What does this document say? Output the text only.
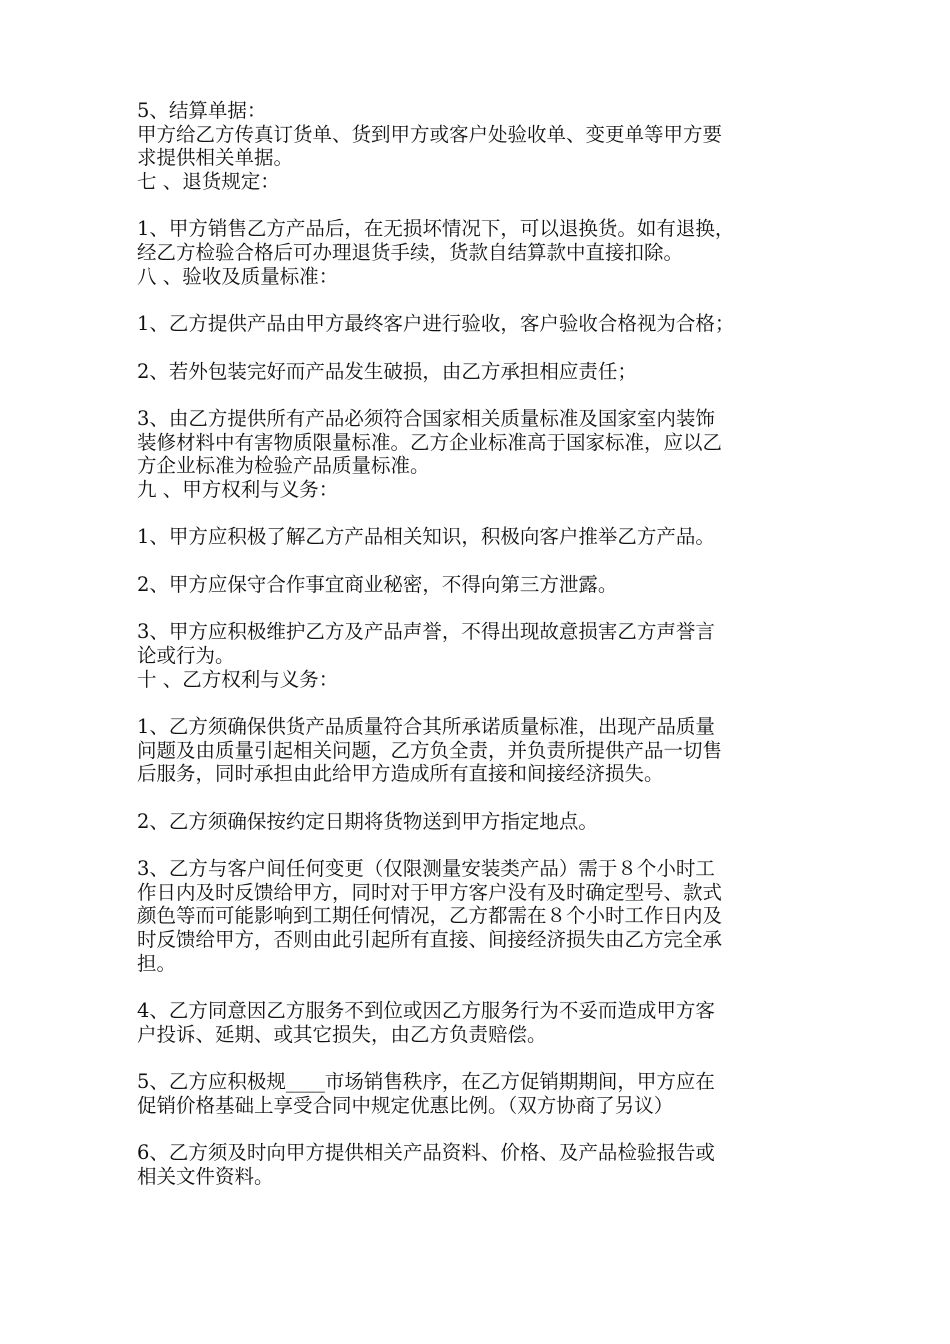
5、结算单据：
甲方给乙方传真订货单、货到甲方或客户处验收单、变更单等甲方要
求提供相关单据。
七 、退货规定：
1、甲方销售乙方产品后，在无损坏情况下，可以退换货。如有退换，
经乙方检验合格后可办理退货手续，货款自结算款中直接扣除。
八 、验收及质量标准：
1、乙方提供产品由甲方最终客户进行验收，客户验收合格视为合格；
2、若外包装完好而产品发生破损，由乙方承担相应责任；
3、由乙方提供所有产品必须符合国家相关质量标准及国家室内装饰
装修材料中有害物质限量标准。乙方企业标准高于国家标准，应以乙
方企业标准为检验产品质量标准。
九 、甲方权利与义务：
1、甲方应积极了解乙方产品相关知识，积极向客户推举乙方产品。
2、甲方应保守合作事宜商业秘密，不得向第三方泄露。
3、甲方应积极维护乙方及产品声誉，不得出现故意损害乙方声誉言
论或行为。
十 、乙方权利与义务：
1、乙方须确保供货产品质量符合其所承诺质量标准，出现产品质量
问题及由质量引起相关问题，乙方负全责，并负责所提供产品一切售
后服务，同时承担由此给甲方造成所有直接和间接经济损失。
2、乙方须确保按约定日期将货物送到甲方指定地点。
3、乙方与客户间任何变更（仅限测量安装类产品）需于８个小时工
作日内及时反馈给甲方，同时对于甲方客户没有及时确定型号、款式
颜色等而可能影响到工期任何情况，乙方都需在８个小时工作日内及
时反馈给甲方，否则由此引起所有直接、间接经济损失由乙方完全承
担。
4、乙方同意因乙方服务不到位或因乙方服务行为不妥而造成甲方客
户投诉、延期、或其它损失，由乙方负责赔偿。
5、乙方应积极规____市场销售秩序，在乙方促销期期间，甲方应在
促销价格基础上享受合同中规定优惠比例。（双方协商了另议）
6、乙方须及时向甲方提供相关产品资料、价格、及产品检验报告或
相关文件资料。
